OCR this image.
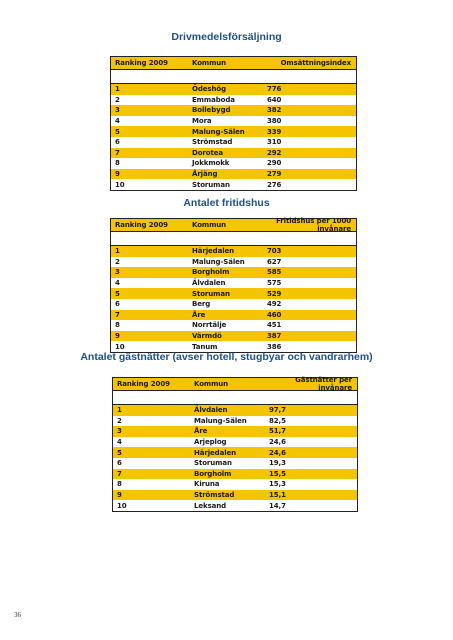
Drivmedelsförsäljning
Ranking 2009	Kommun	Omsättningsindex
1	Ödeshög	776
2	Emmaboda	640
3	Bollebygd	382
4	Mora	380
5	Malung-Sälen	339
6	Strömstad	310
7	Dorotea	292
8	Jokkmokk	290
9	Årjäng	279
10	Storuman	276
Antalet fritidshus
Ranking 2009	Kommun	Fritidshus per 1000 invånare
1	Härjedalen	703
2	Malung-Sälen	627
3	Borgholm	585
4	Älvdalen	575
5	Storuman	529
6	Berg	492
7	Åre	460
8	Norrtälje	451
9	Värmdö	387
10	Tanum	386
Antalet gästnätter (avser hotell, stugbyar och vandrarhem)
Ranking 2009	Kommun	Gästnätter per invånare
1	Älvdalen	97,7
2	Malung-Sälen	82,5
3	Åre	51,7
4	Arjeplog	24,6
5	Härjedalen	24,6
6	Storuman	19,3
7	Borgholm	15,5
8	Kiruna	15,3
9	Strömstad	15,1
10	Leksand	14,7
36
